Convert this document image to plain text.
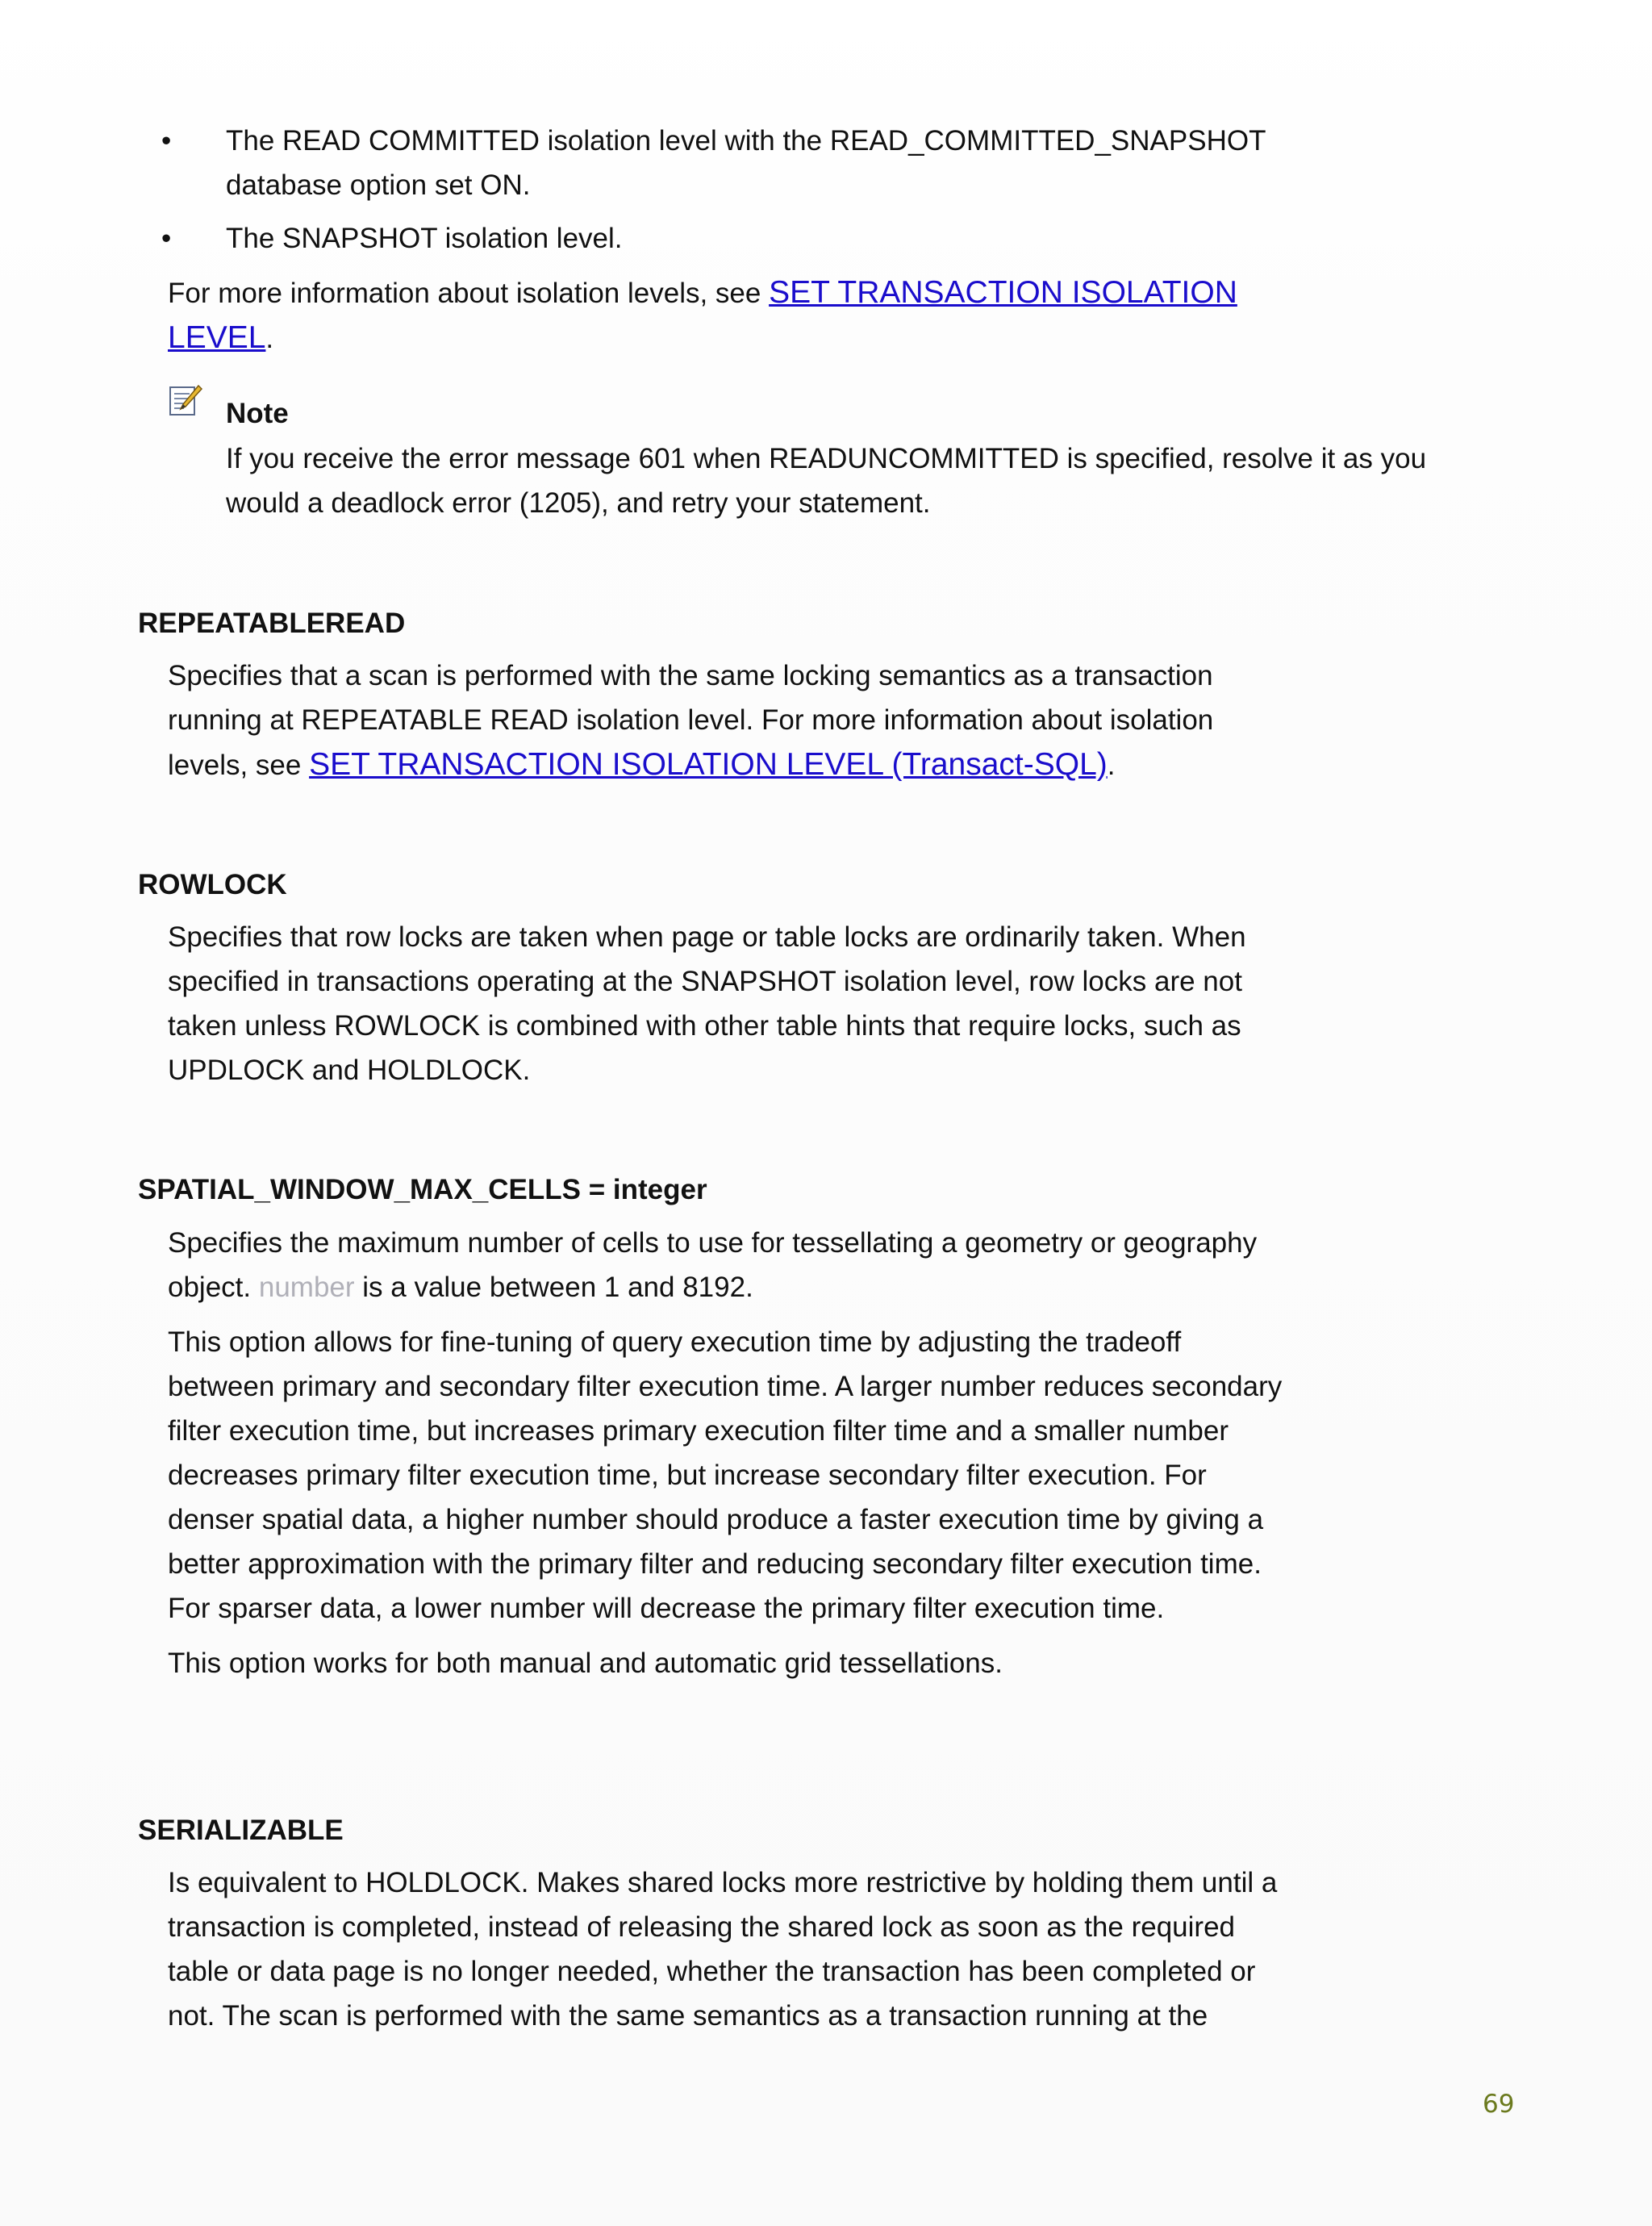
• The READ COMMITTED isolation level with the READ_COMMITTED_SNAPSHOT database option set ON.
• The SNAPSHOT isolation level.

For more information about isolation levels, see SET TRANSACTION ISOLATION LEVEL.

Note
If you receive the error message 601 when READUNCOMMITTED is specified, resolve it as you would a deadlock error (1205), and retry your statement.
REPEATABLEREAD

Specifies that a scan is performed with the same locking semantics as a transaction running at REPEATABLE READ isolation level. For more information about isolation levels, see SET TRANSACTION ISOLATION LEVEL (Transact-SQL).

ROWLOCK

Specifies that row locks are taken when page or table locks are ordinarily taken. When specified in transactions operating at the SNAPSHOT isolation level, row locks are not taken unless ROWLOCK is combined with other table hints that require locks, such as UPDLOCK and HOLDLOCK.

SPATIAL_WINDOW_MAX_CELLS = integer

Specifies the maximum number of cells to use for tessellating a geometry or geography object. number is a value between 1 and 8192.

This option allows for fine-tuning of query execution time by adjusting the tradeoff between primary and secondary filter execution time. A larger number reduces secondary filter execution time, but increases primary execution filter time and a smaller number decreases primary filter execution time, but increase secondary filter execution. For denser spatial data, a higher number should produce a faster execution time by giving a better approximation with the primary filter and reducing secondary filter execution time. For sparser data, a lower number will decrease the primary filter execution time.

This option works for both manual and automatic grid tessellations.

SERIALIZABLE

Is equivalent to HOLDLOCK. Makes shared locks more restrictive by holding them until a transaction is completed, instead of releasing the shared lock as soon as the required table or data page is no longer needed, whether the transaction has been completed or not. The scan is performed with the same semantics as a transaction running at the

69
